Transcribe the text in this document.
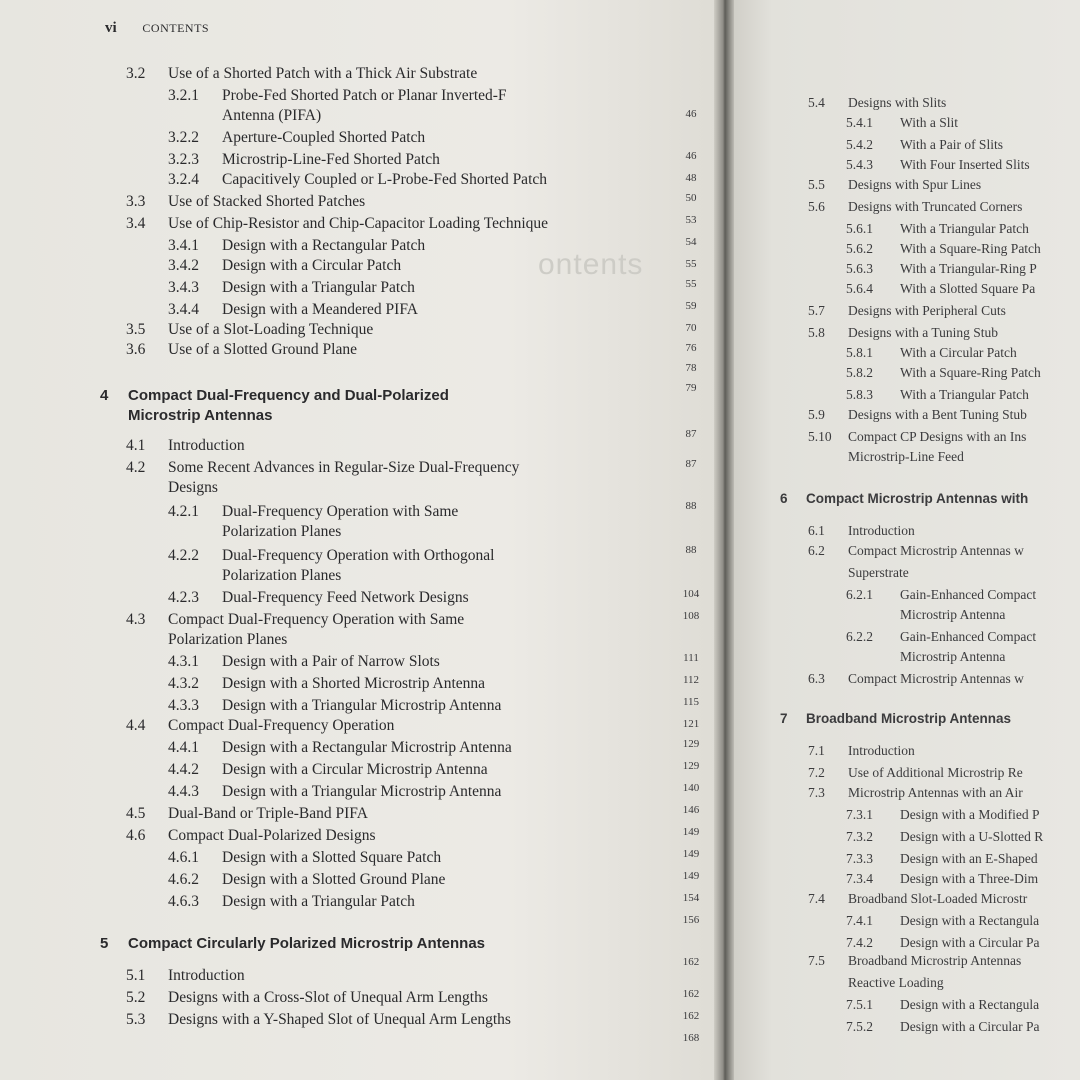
ontents
vi CONTENTS
3.2 Use of a Shorted Patch with a Thick Air Substrate
3.2.1 Probe-Fed Shorted Patch or Planar Inverted-F
46
Antenna (PIFA)
3.2.2 Aperture-Coupled Shorted Patch
46
3.2.3 Microstrip-Line-Fed Shorted Patch
48
3.2.4 Capacitively Coupled or L-Probe-Fed Shorted Patch
50
3.3 Use of Stacked Shorted Patches
53
3.4 Use of Chip-Resistor and Chip-Capacitor Loading Technique
54
3.4.1 Design with a Rectangular Patch
55
3.4.2 Design with a Circular Patch
55
3.4.3 Design with a Triangular Patch
59
3.4.4 Design with a Meandered PIFA
70
3.5 Use of a Slot-Loading Technique
76
3.6 Use of a Slotted Ground Plane
78
79
4 Compact Dual-Frequency and Dual-Polarized
Microstrip Antennas
87
4.1 Introduction
87
4.2 Some Recent Advances in Regular-Size Dual-Frequency
Designs
88
4.2.1 Dual-Frequency Operation with Same
Polarization Planes
88
4.2.2 Dual-Frequency Operation with Orthogonal
Polarization Planes
104
4.2.3 Dual-Frequency Feed Network Designs
108
4.3 Compact Dual-Frequency Operation with Same
Polarization Planes
111
4.3.1 Design with a Pair of Narrow Slots
112
4.3.2 Design with a Shorted Microstrip Antenna
115
4.3.3 Design with a Triangular Microstrip Antenna
121
4.4 Compact Dual-Frequency Operation
129
4.4.1 Design with a Rectangular Microstrip Antenna
129
4.4.2 Design with a Circular Microstrip Antenna
140
4.4.3 Design with a Triangular Microstrip Antenna
146
4.5 Dual-Band or Triple-Band PIFA
149
4.6 Compact Dual-Polarized Designs
149
4.6.1 Design with a Slotted Square Patch
149
4.6.2 Design with a Slotted Ground Plane
154
4.6.3 Design with a Triangular Patch
156
5 Compact Circularly Polarized Microstrip Antennas
162
5.1 Introduction
162
5.2 Designs with a Cross-Slot of Unequal Arm Lengths
162
5.3 Designs with a Y-Shaped Slot of Unequal Arm Lengths
168
5.4 Designs with Slits
5.4.1 With a Slit
5.4.2 With a Pair of Slits
5.4.3 With Four Inserted Slits
5.5 Designs with Spur Lines
5.6 Designs with Truncated Corners
5.6.1 With a Triangular Patch
5.6.2 With a Square-Ring Patch
5.6.3 With a Triangular-Ring P
5.6.4 With a Slotted Square Pa
5.7 Designs with Peripheral Cuts
5.8 Designs with a Tuning Stub
5.8.1 With a Circular Patch
5.8.2 With a Square-Ring Patch
5.8.3 With a Triangular Patch
5.9 Designs with a Bent Tuning Stub
5.10 Compact CP Designs with an Ins
Microstrip-Line Feed
6 Compact Microstrip Antennas with
6.1 Introduction
6.2 Compact Microstrip Antennas w
Superstrate
6.2.1 Gain-Enhanced Compact
Microstrip Antenna
6.2.2 Gain-Enhanced Compact
Microstrip Antenna
6.3 Compact Microstrip Antennas w
7 Broadband Microstrip Antennas
7.1 Introduction
7.2 Use of Additional Microstrip Re
7.3 Microstrip Antennas with an Air
7.3.1 Design with a Modified P
7.3.2 Design with a U-Slotted R
7.3.3 Design with an E-Shaped
7.3.4 Design with a Three-Dim
7.4 Broadband Slot-Loaded Microstr
7.4.1 Design with a Rectangula
7.4.2 Design with a Circular Pa
7.5 Broadband Microstrip Antennas
Reactive Loading
7.5.1 Design with a Rectangula
7.5.2 Design with a Circular Pa
